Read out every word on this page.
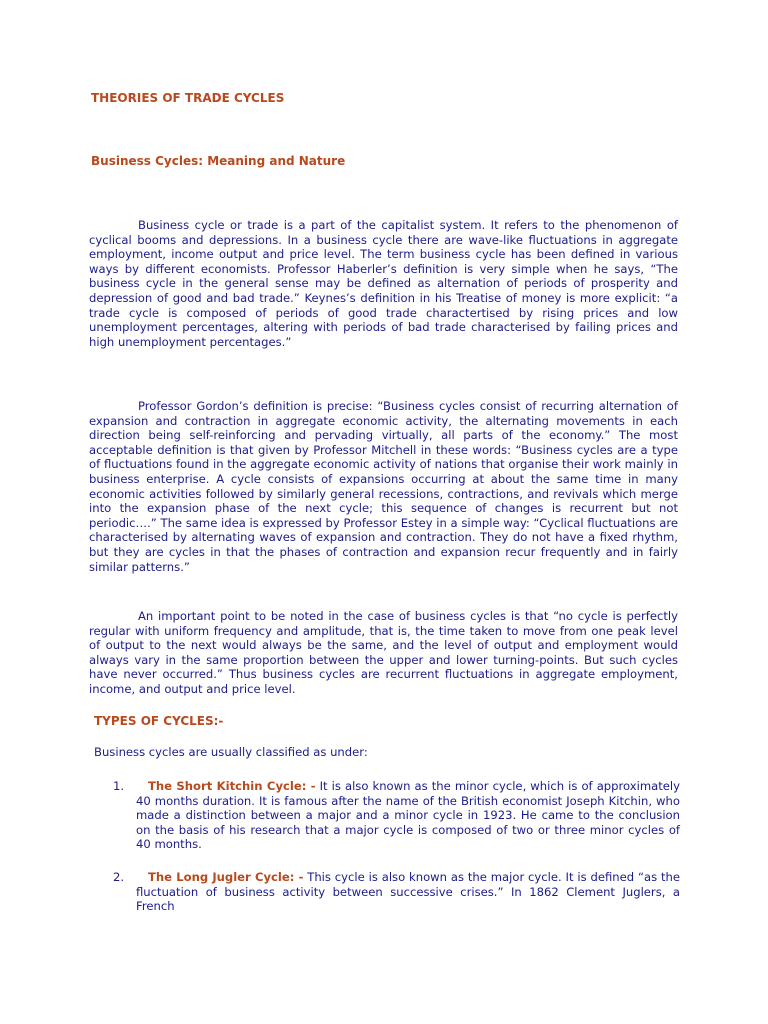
THEORIES OF TRADE CYCLES
Business Cycles: Meaning and Nature

Business cycle or trade is a part of the capitalist system. It refers to the phenomenon of cyclical booms and depressions. In a business cycle there are wave-like fluctuations in aggregate employment, income output and price level. The term business cycle has been defined in various ways by different economists. Professor Haberler’s definition is very simple when he says, “The business cycle in the general sense may be defined as alternation of periods of prosperity and depression of good and bad trade.” Keynes’s definition in his Treatise of money is more explicit: “a trade cycle is composed of periods of good trade charactertised by rising prices and low unemployment percentages, altering with periods of bad trade characterised by failing prices and high unemployment percentages.”

Professor Gordon’s definition is precise: “Business cycles consist of recurring alternation of expansion and contraction in aggregate economic activity, the alternating movements in each direction being self-reinforcing and pervading virtually, all parts of the economy.” The most acceptable definition is that given by Professor Mitchell in these words: “Business cycles are a type of fluctuations found in the aggregate economic activity of nations that organise their work mainly in business enterprise. A cycle consists of expansions occurring at about the same time in many economic activities followed by similarly general recessions, contractions, and revivals which merge into the expansion phase of the next cycle; this sequence of changes is recurrent but not periodic….” The same idea is expressed by Professor Estey in a simple way: “Cyclical fluctuations are characterised by alternating waves of expansion and contraction. They do not have a fixed rhythm, but they are cycles in that the phases of contraction and expansion recur frequently and in fairly similar patterns.”

An important point to be noted in the case of business cycles is that “no cycle is perfectly regular with uniform frequency and amplitude, that is, the time taken to move from one peak level of output to the next would always be the same, and the level of output and employment would always vary in the same proportion between the upper and lower turning-points. But such cycles have never occurred.” Thus business cycles are recurrent fluctuations in aggregate employment, income, and output and price level.

TYPES OF CYCLES:-
Business cycles are usually classified as under:
1.	The Short Kitchin Cycle: - It is also known as the minor cycle, which is of approximately 40 months duration. It is famous after the name of the British economist Joseph Kitchin, who made a distinction between a major and a minor cycle in 1923. He came to the conclusion on the basis of his research that a major cycle is composed of two or three minor cycles of 40 months.

2.	The Long Jugler Cycle: - This cycle is also known as the major cycle. It is defined “as the fluctuation of business activity between successive crises.” In 1862 Clement Juglers, a French
